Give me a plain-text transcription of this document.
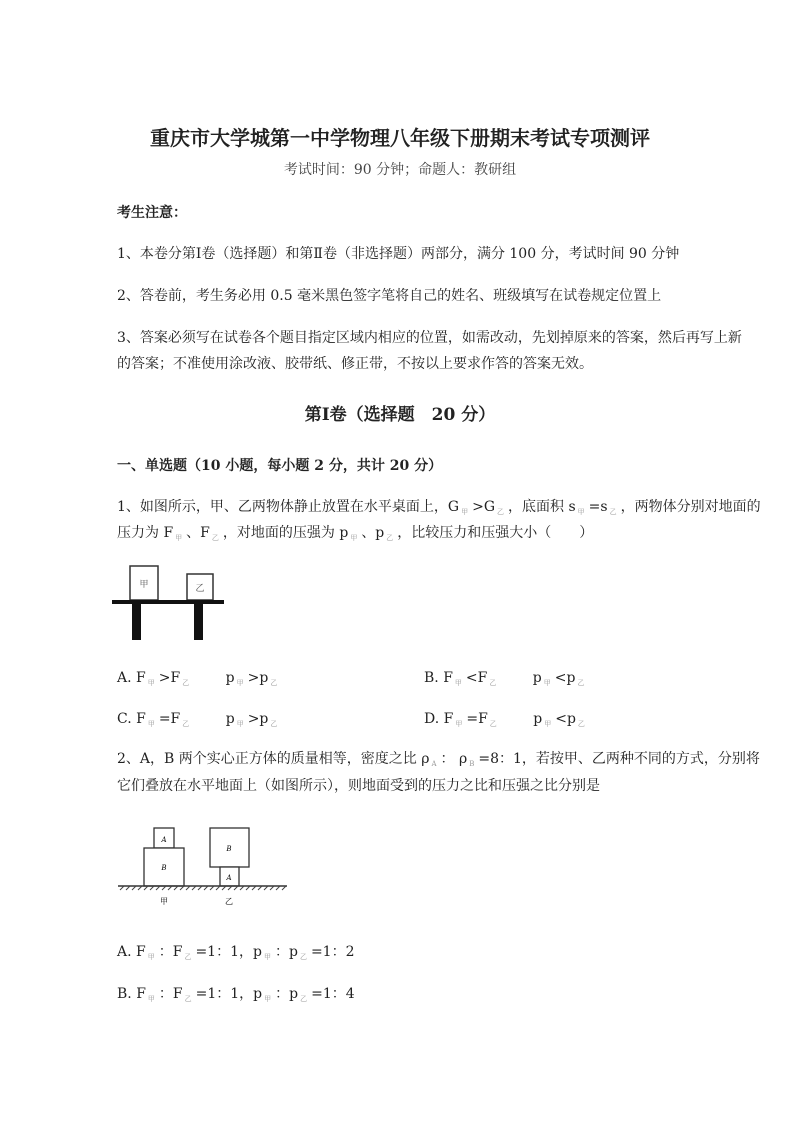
重庆市大学城第一中学物理八年级下册期末考试专项测评
考试时间：90 分钟；命题人：教研组
考生注意：
1、本卷分第Ⅰ卷（选择题）和第Ⅱ卷（非选择题）两部分，满分 100 分，考试时间 90 分钟
2、答卷前，考生务必用 0.5 毫米黑色签字笔将自己的姓名、班级填写在试卷规定位置上
3、答案必须写在试卷各个题目指定区域内相应的位置，如需改动，先划掉原来的答案，然后再写上新
的答案；不准使用涂改液、胶带纸、修正带，不按以上要求作答的答案无效。
第Ⅰ卷（选择题　20 分）
一、单选题（10 小题，每小题 2 分，共计 20 分）
1、如图所示，甲、乙两物体静止放置在水平桌面上，G $_甲$ >G $_乙$ ，底面积 s $_甲$ =s $_乙$ ，两物体分别对地面的
压力为 F $_甲$ 、F $_乙$ ，对地面的压强为 p $_甲$ 、p $_乙$ ，比较压力和压强大小（　　）
甲	乙
A. F $_甲$ >F $_乙$　　 p $_甲$ >p $_乙$	B. F $_甲$ <F $_乙$　　 p $_甲$ <p $_乙$
C. F $_甲$ =F $_乙$　　 p $_甲$ >p $_乙$	D. F $_甲$ =F $_乙$　　 p $_甲$ <p $_乙$
2、A，B 两个实心正方体的质量相等，密度之比 ρ $_A$ ： ρ $_B$ =8：1，若按甲、乙两种不同的方式，分别将
它们叠放在水平地面上（如图所示），则地面受到的压力之比和压强之比分别是
A
B
B
A
甲	乙
A. F $_甲$ ：F $_乙$ =1：1，p $_甲$ ：p $_乙$ =1：2
B. F $_甲$ ：F $_乙$ =1：1，p $_甲$ ：p $_乙$ =1：4
